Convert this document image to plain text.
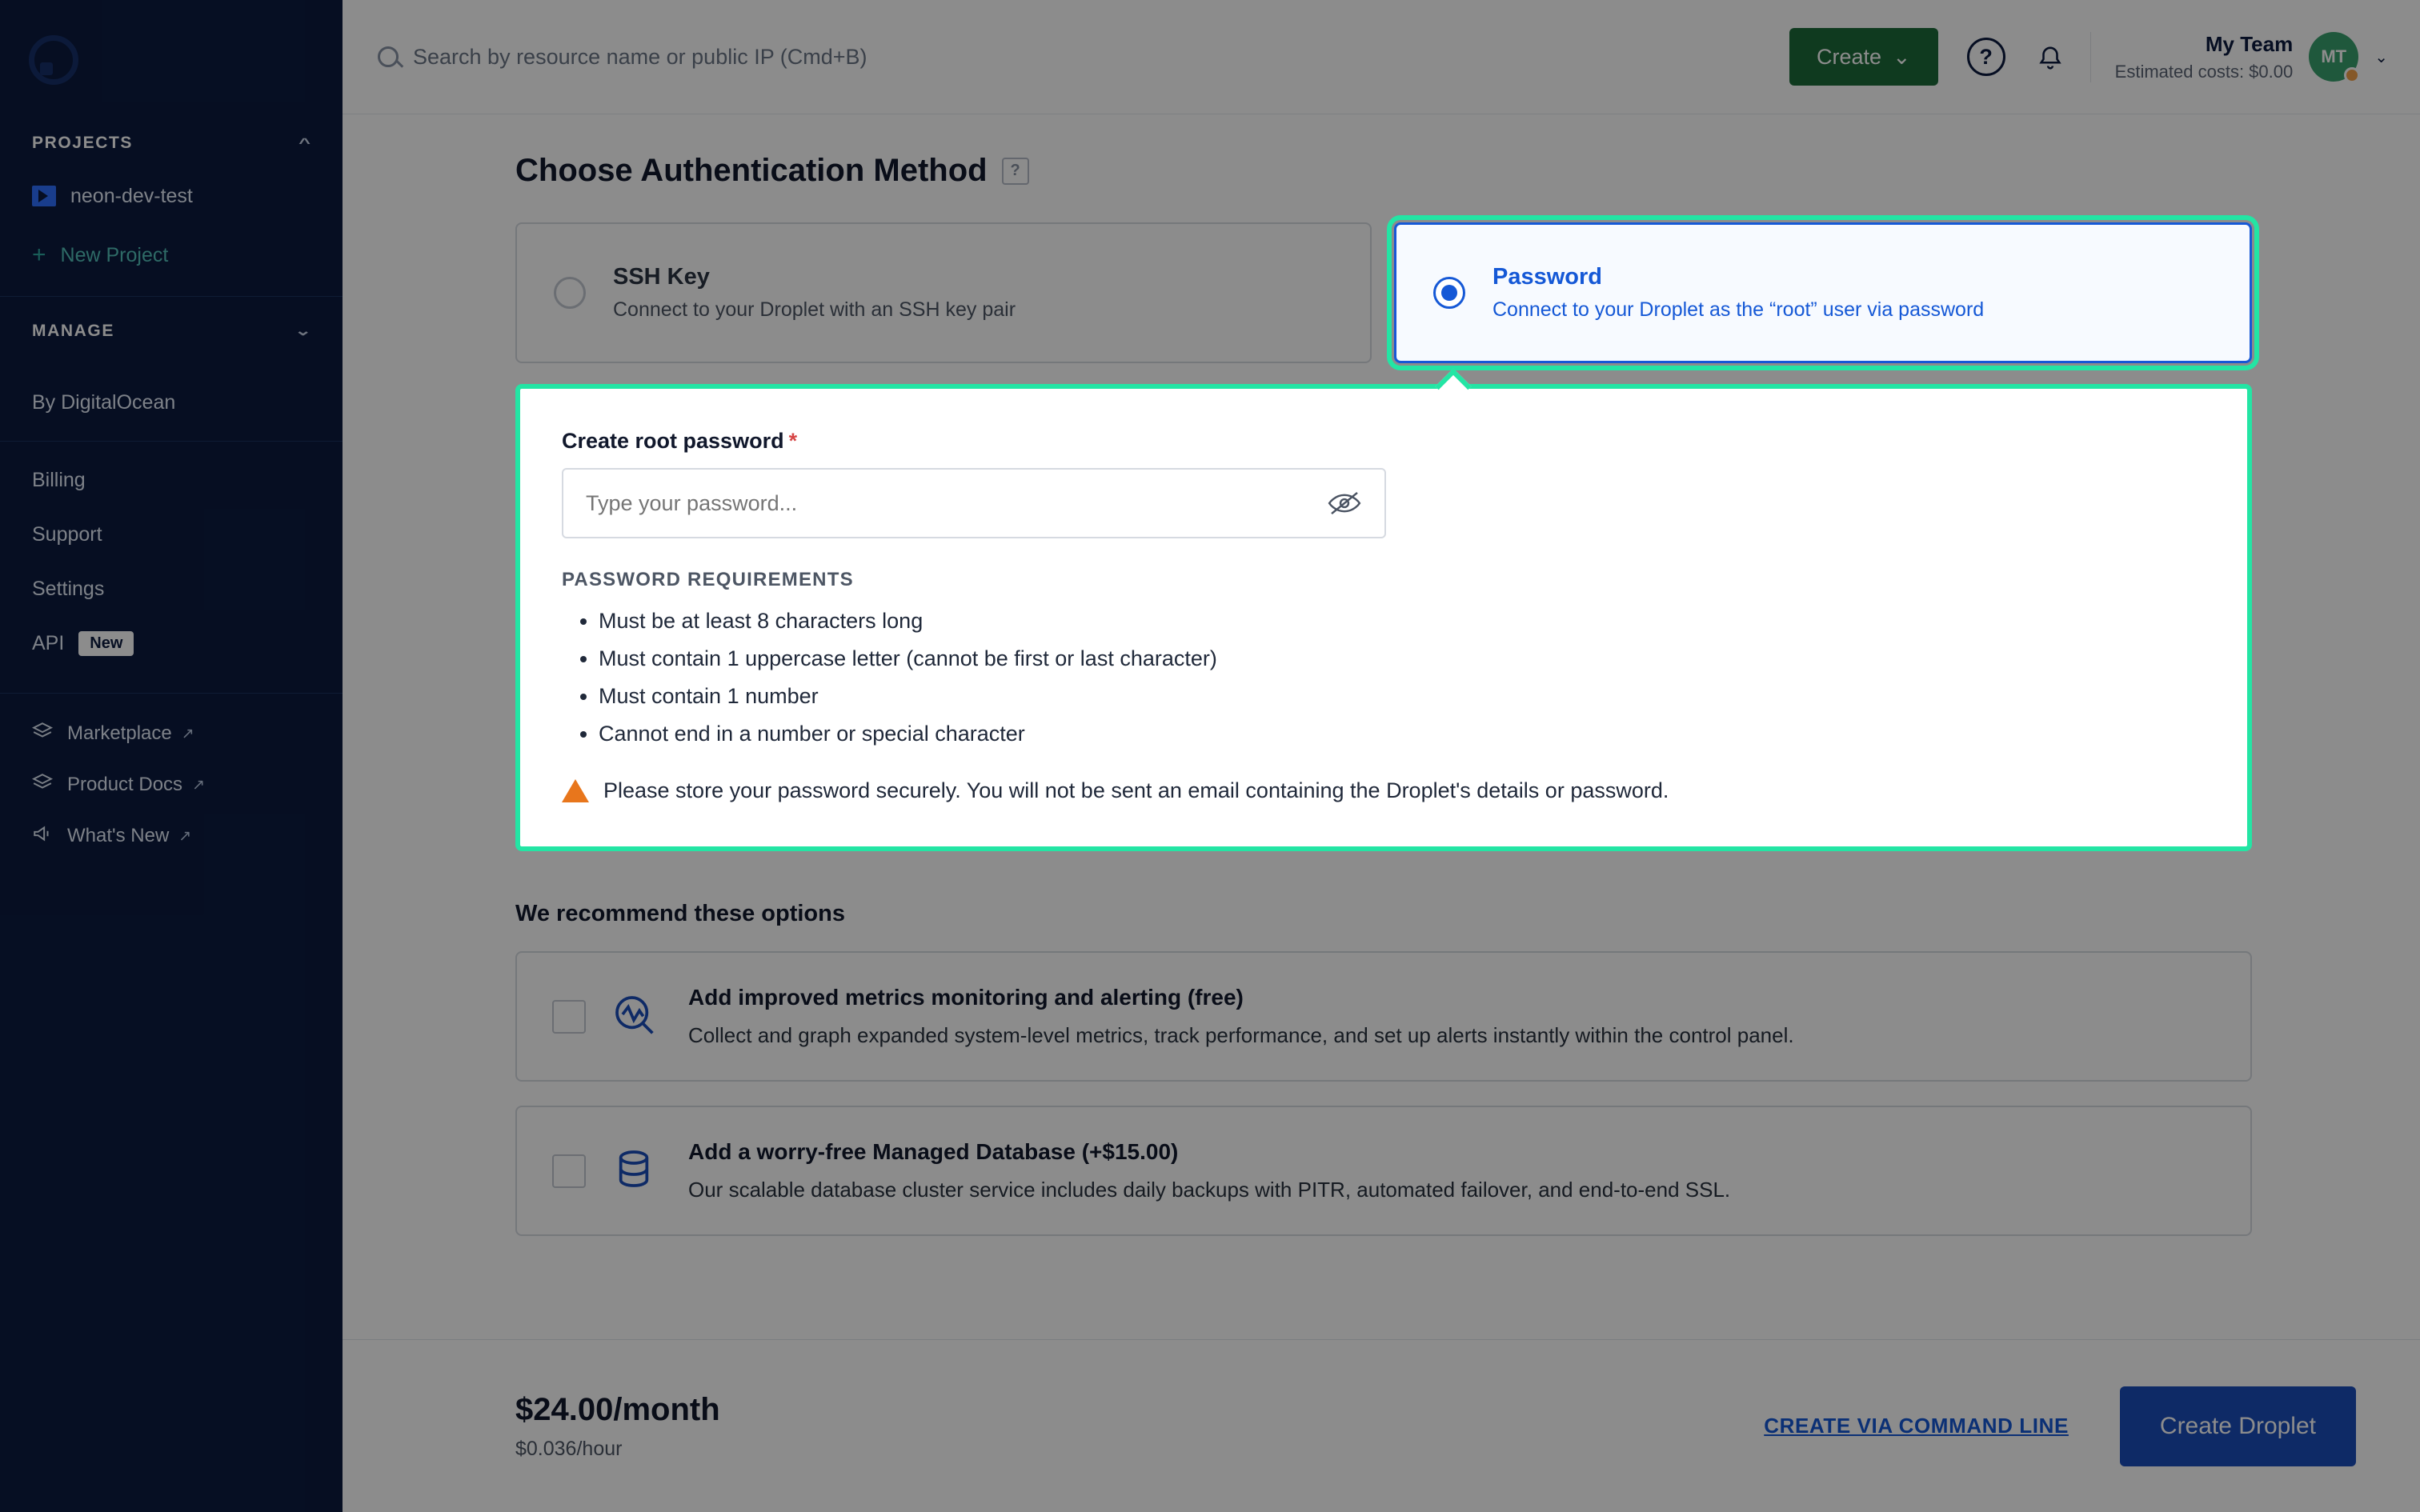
PROJECTS	^
neon-dev-test
+ New Project
MANAGE	⌄
By DigitalOcean
Billing
Support
Settings
API	New
Marketplace ↗
Product Docs ↗
What's New ↗
Search by resource name or public IP (Cmd+B)	Create ⌄	?
My Team
Estimated costs: $0.00
MT ⌄
Choose Authentication Method	?
SSH Key
Connect to your Droplet with an SSH key pair
Password
Connect to your Droplet as the “root” user via password
Create root password *
Type your password...
PASSWORD REQUIREMENTS
• Must be at least 8 characters long
• Must contain 1 uppercase letter (cannot be first or last character)
• Must contain 1 number
• Cannot end in a number or special character
Please store your password securely. You will not be sent an email containing the Droplet's details or password.
We recommend these options
Add improved metrics monitoring and alerting (free)
Collect and graph expanded system-level metrics, track performance, and set up alerts instantly within the control panel.
Add a worry-free Managed Database (+$15.00)
Our scalable database cluster service includes daily backups with PITR, automated failover, and end-to-end SSL.
$24.00/month
$0.036/hour
CREATE VIA COMMAND LINE	Create Droplet
